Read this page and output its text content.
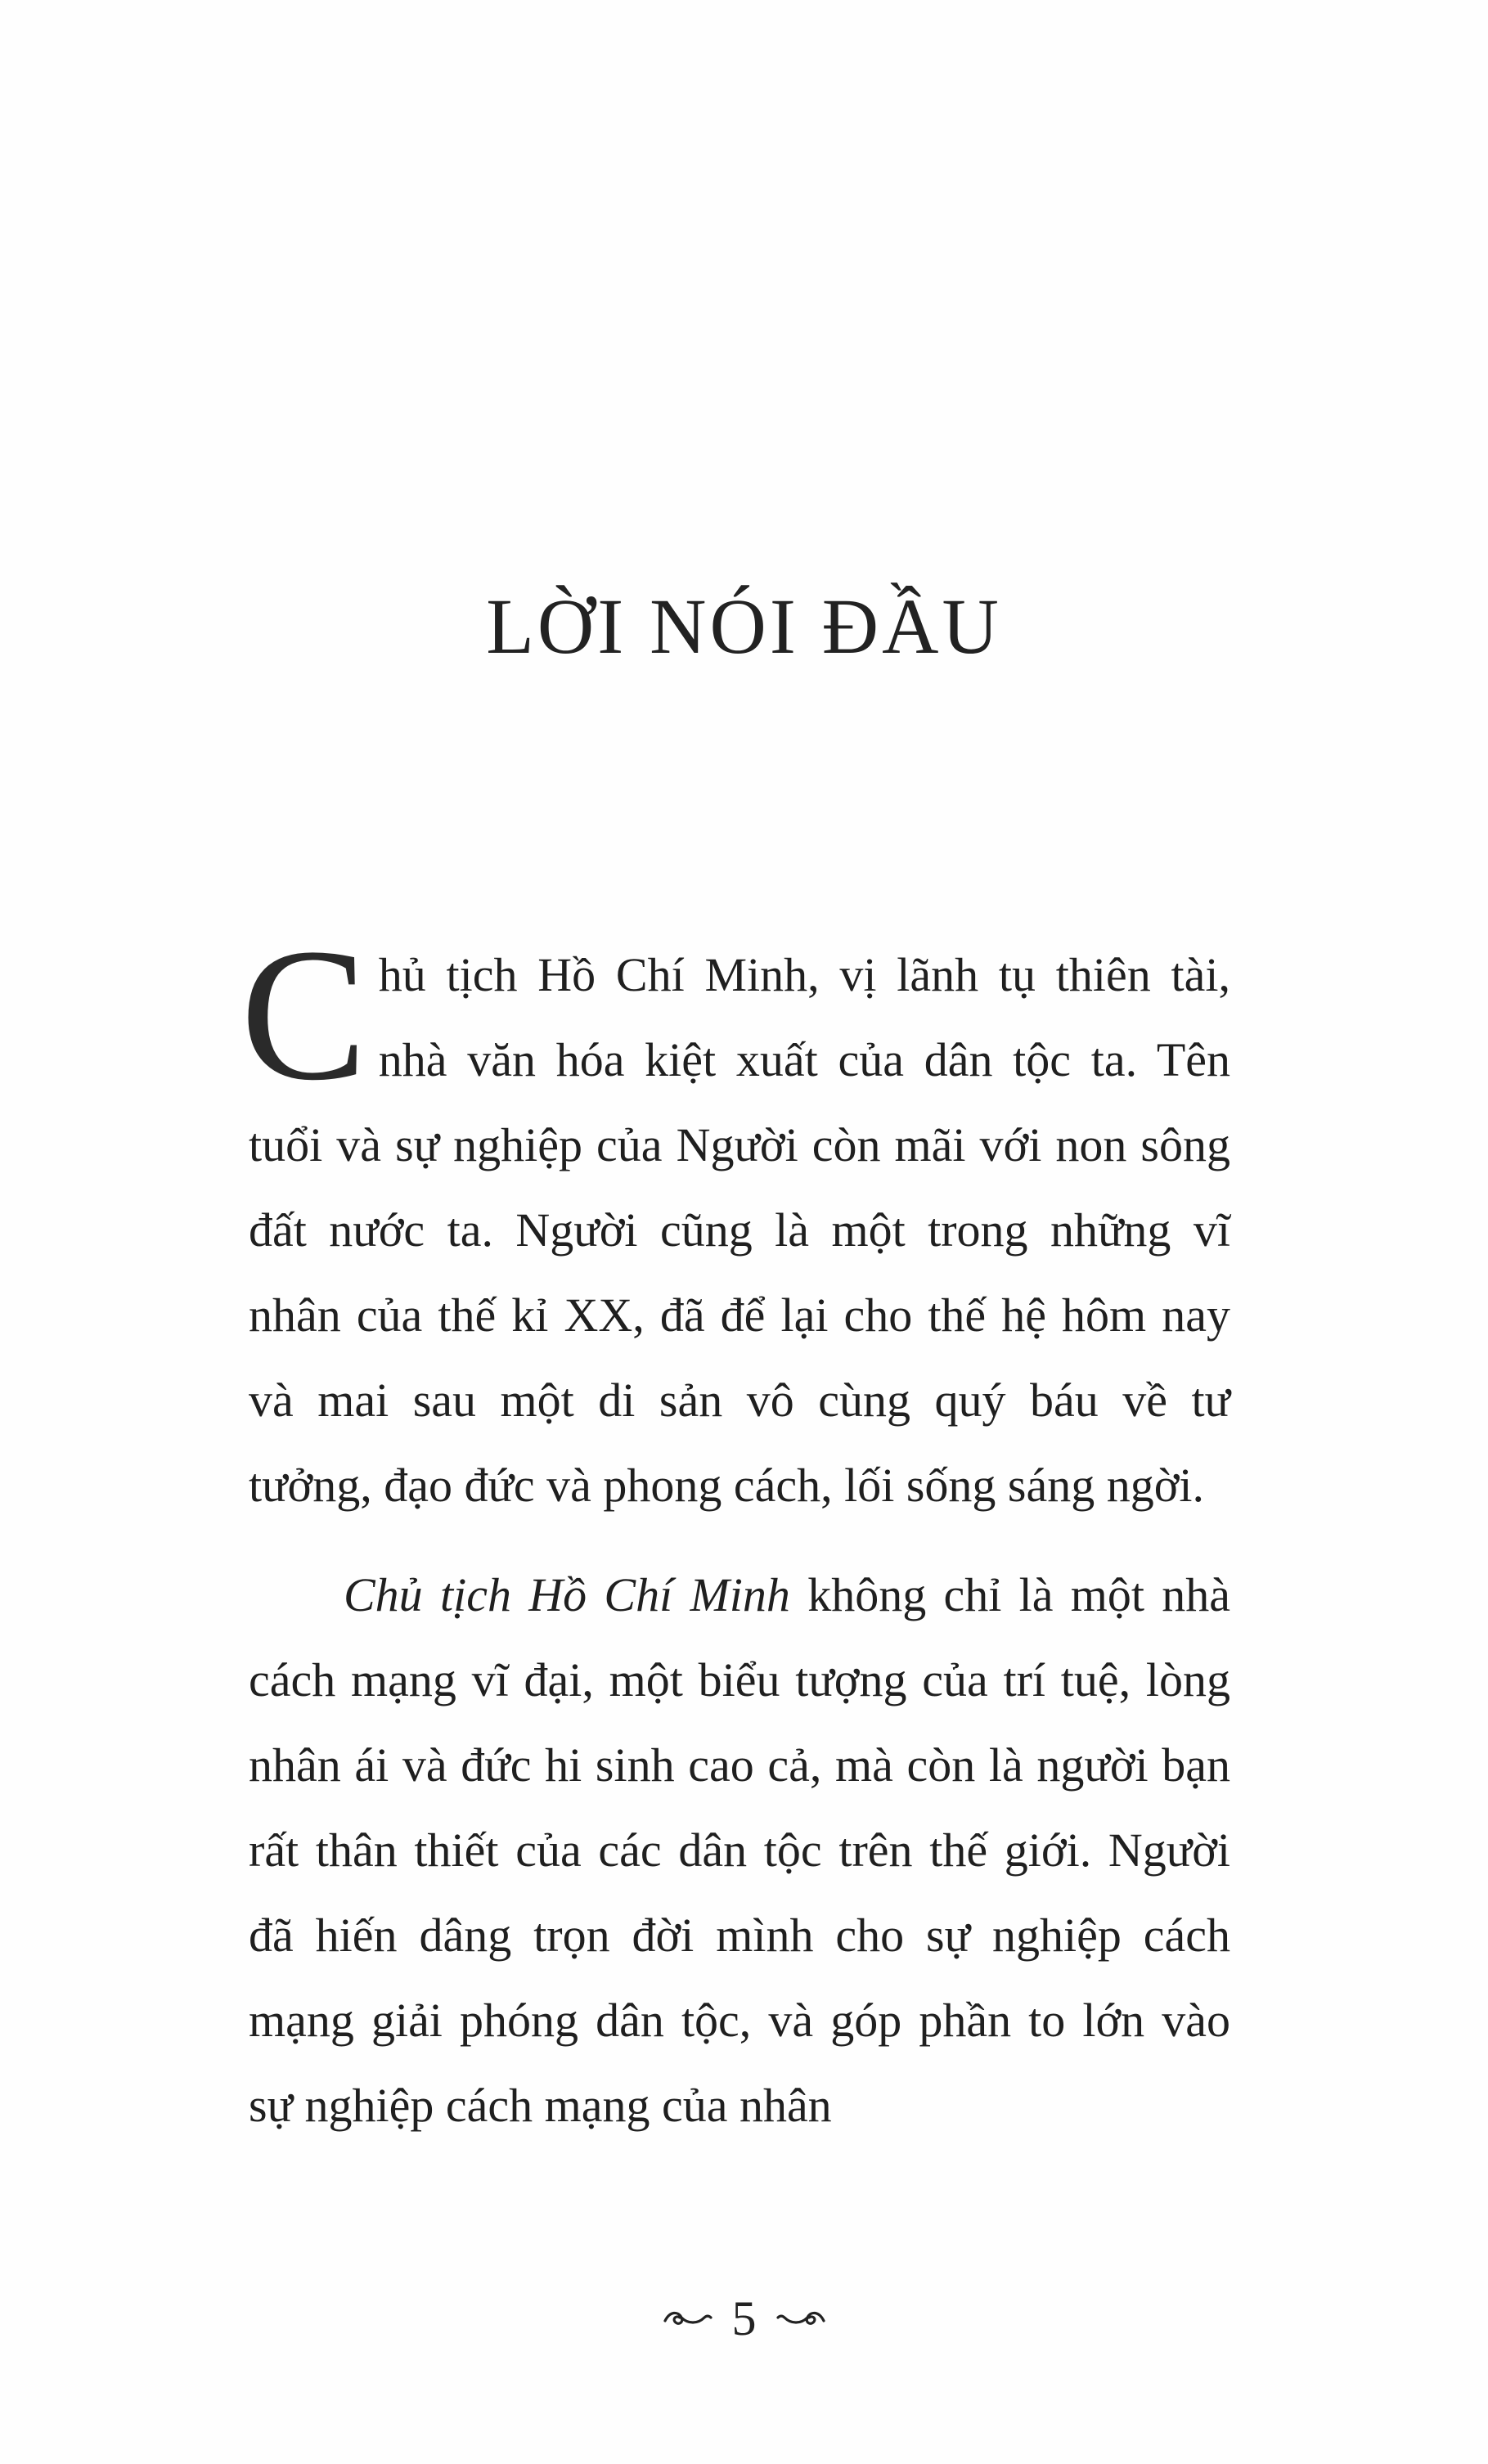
LỜI NÓI ĐẦU

Chủ tịch Hồ Chí Minh, vị lãnh tụ thiên tài, nhà văn hóa kiệt xuất của dân tộc ta. Tên tuổi và sự nghiệp của Người còn mãi với non sông đất nước ta. Người cũng là một trong những vĩ nhân của thế kỉ XX, đã để lại cho thế hệ hôm nay và mai sau một di sản vô cùng quý báu về tư tưởng, đạo đức và phong cách, lối sống sáng ngời.

Chủ tịch Hồ Chí Minh không chỉ là một nhà cách mạng vĩ đại, một biểu tượng của trí tuệ, lòng nhân ái và đức hi sinh cao cả, mà còn là người bạn rất thân thiết của các dân tộc trên thế giới. Người đã hiến dâng trọn đời mình cho sự nghiệp cách mạng giải phóng dân tộc, và góp phần to lớn vào sự nghiệp cách mạng của nhân

5
